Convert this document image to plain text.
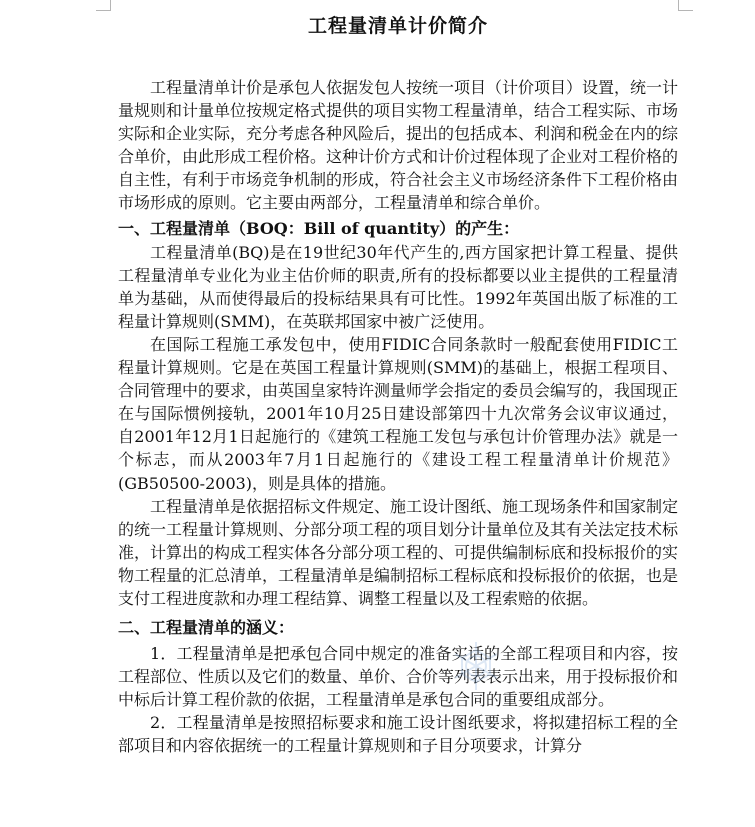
工程量清单计价简介

工程量清单计价是承包人依据发包人按统一项目（计价项目）设置，统一计量规则和计量单位按规定格式提供的项目实物工程量清单，结合工程实际、市场实际和企业实际，充分考虑各种风险后，提出的包括成本、利润和税金在内的综合单价，由此形成工程价格。这种计价方式和计价过程体现了企业对工程价格的自主性，有利于市场竞争机制的形成，符合社会主义市场经济条件下工程价格由市场形成的原则。它主要由两部分，工程量清单和综合单价。

一、工程量清单（BOQ：Bill of quantity）的产生：

工程量清单(BQ)是在19世纪30年代产生的,西方国家把计算工程量、提供工程量清单专业化为业主估价师的职责,所有的投标都要以业主提供的工程量清单为基础，从而使得最后的投标结果具有可比性。1992年英国出版了标准的工程量计算规则(SMM)，在英联邦国家中被广泛使用。

在国际工程施工承发包中，使用FIDIC合同条款时一般配套使用FIDIC工程量计算规则。它是在英国工程量计算规则(SMM)的基础上，根据工程项目、合同管理中的要求，由英国皇家特许测量师学会指定的委员会编写的，我国现正在与国际惯例接轨，2001年10月25日建设部第四十九次常务会议审议通过，自2001年12月1日起施行的《建筑工程施工发包与承包计价管理办法》就是一个标志，而从2003年7月1日起施行的《建设工程工程量清单计价规范》(GB50500-2003)，则是具体的措施。

工程量清单是依据招标文件规定、施工设计图纸、施工现场条件和国家制定的统一工程量计算规则、分部分项工程的项目划分计量单位及其有关法定技术标准，计算出的构成工程实体各分部分项工程的、可提供编制标底和投标报价的实物工程量的汇总清单，工程量清单是编制招标工程标底和投标报价的依据，也是支付工程进度款和办理工程结算、调整工程量以及工程索赔的依据。

二、工程量清单的涵义：

1．工程量清单是把承包合同中规定的准备实话的全部工程项目和内容，按工程部位、性质以及它们的数量、单价、合价等列表表示出来，用于投标报价和中标后计算工程价款的依据，工程量清单是承包合同的重要组成部分。

2．工程量清单是按照招标要求和施工设计图纸要求，将拟建招标工程的全部项目和内容依据统一的工程量计算规则和子目分项要求，计算分
